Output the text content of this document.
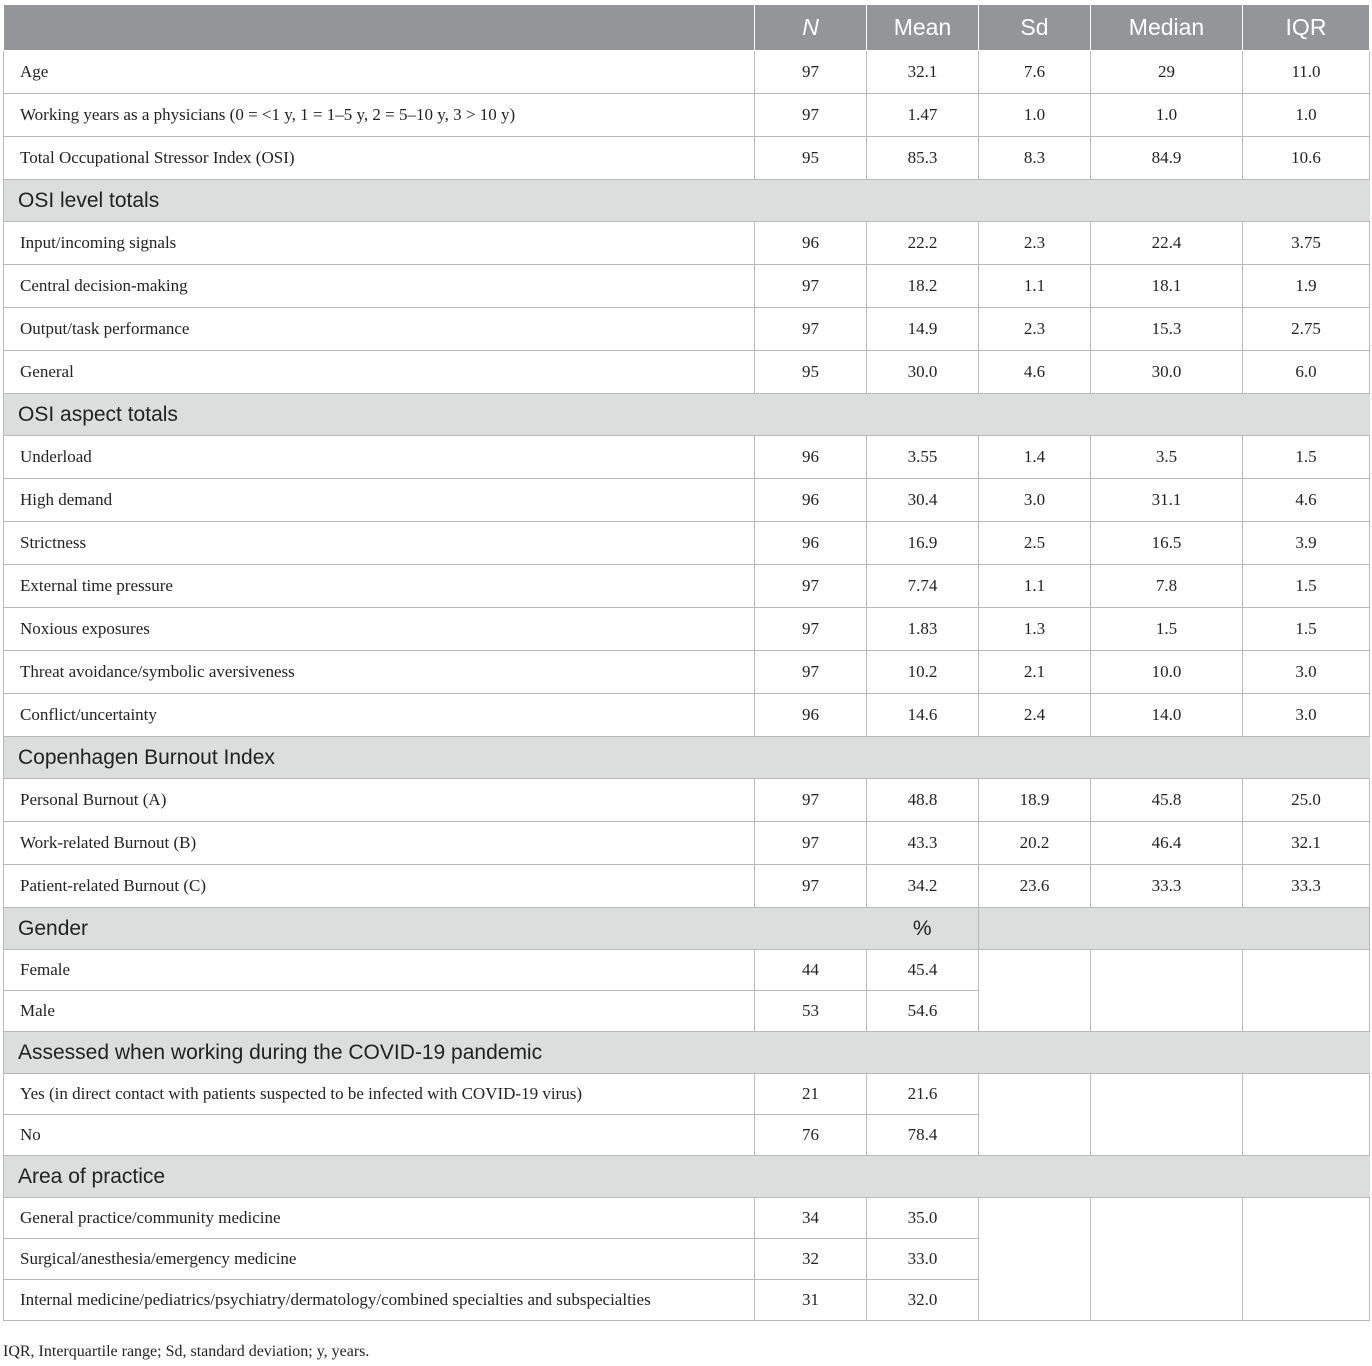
	N	Mean	Sd	Median	IQR
Age	97	32.1	7.6	29	11.0
Working years as a physicians (0 = <1 y, 1 = 1–5 y, 2 = 5–10 y, 3 > 10 y)	97	1.47	1.0	1.0	1.0
Total Occupational Stressor Index (OSI)	95	85.3	8.3	84.9	10.6
OSI level totals					
Input/incoming signals	96	22.2	2.3	22.4	3.75
Central decision-making	97	18.2	1.1	18.1	1.9
Output/task performance	97	14.9	2.3	15.3	2.75
General	95	30.0	4.6	30.0	6.0
OSI aspect totals					
Underload	96	3.55	1.4	3.5	1.5
High demand	96	30.4	3.0	31.1	4.6
Strictness	96	16.9	2.5	16.5	3.9
External time pressure	97	7.74	1.1	7.8	1.5
Noxious exposures	97	1.83	1.3	1.5	1.5
Threat avoidance/symbolic aversiveness	97	10.2	2.1	10.0	3.0
Conflict/uncertainty	96	14.6	2.4	14.0	3.0
Copenhagen Burnout Index					
Personal Burnout (A)	97	48.8	18.9	45.8	25.0
Work-related Burnout (B)	97	43.3	20.2	46.4	32.1
Patient-related Burnout (C)	97	34.2	23.6	33.3	33.3
Gender		%			
Female	44	45.4			
Male	53	54.6			
Assessed when working during the COVID-19 pandemic					
Yes (in direct contact with patients suspected to be infected with COVID-19 virus)	21	21.6			
No	76	78.4			
Area of practice					
General practice/community medicine	34	35.0			
Surgical/anesthesia/emergency medicine	32	33.0			
Internal medicine/pediatrics/psychiatry/dermatology/combined specialties and subspecialties	31	32.0			
IQR, Interquartile range; Sd, standard deviation; y, years.
